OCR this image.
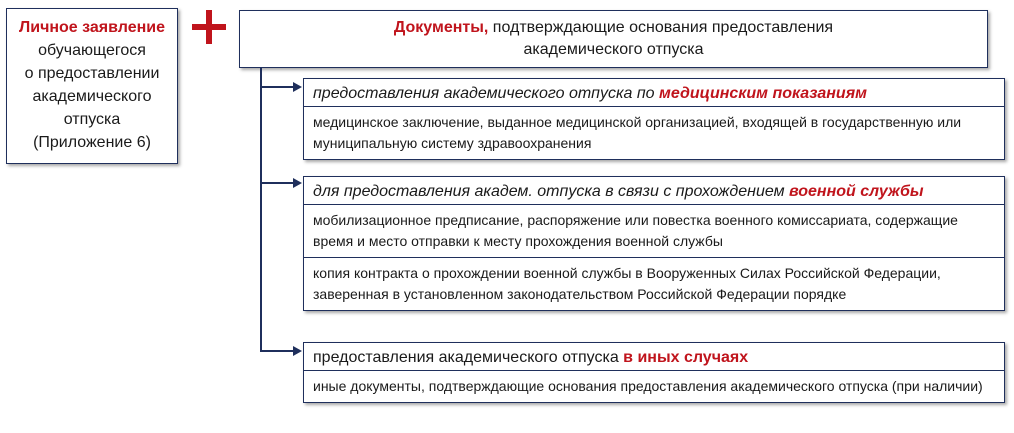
Личное заявление
обучающегося
о предоставлении
академического
отпуска
(Приложение 6)
Документы, подтверждающие основания предоставления
академического отпуска
предоставления академического отпуска по медицинским показаниям
медицинское заключение, выданное медицинской организацией, входящей в государственную или муниципальную систему здравоохранения
для предоставления академ. отпуска в связи с прохождением военной службы
мобилизационное предписание, распоряжение или повестка военного комиссариата, содержащие время и место отправки к месту прохождения военной службы
копия контракта о прохождении военной службы в Вооруженных Силах Российской Федерации, заверенная в установленном законодательством Российской Федерации порядке
предоставления академического отпуска в иных случаях
иные документы, подтверждающие основания предоставления академического отпуска (при наличии)
